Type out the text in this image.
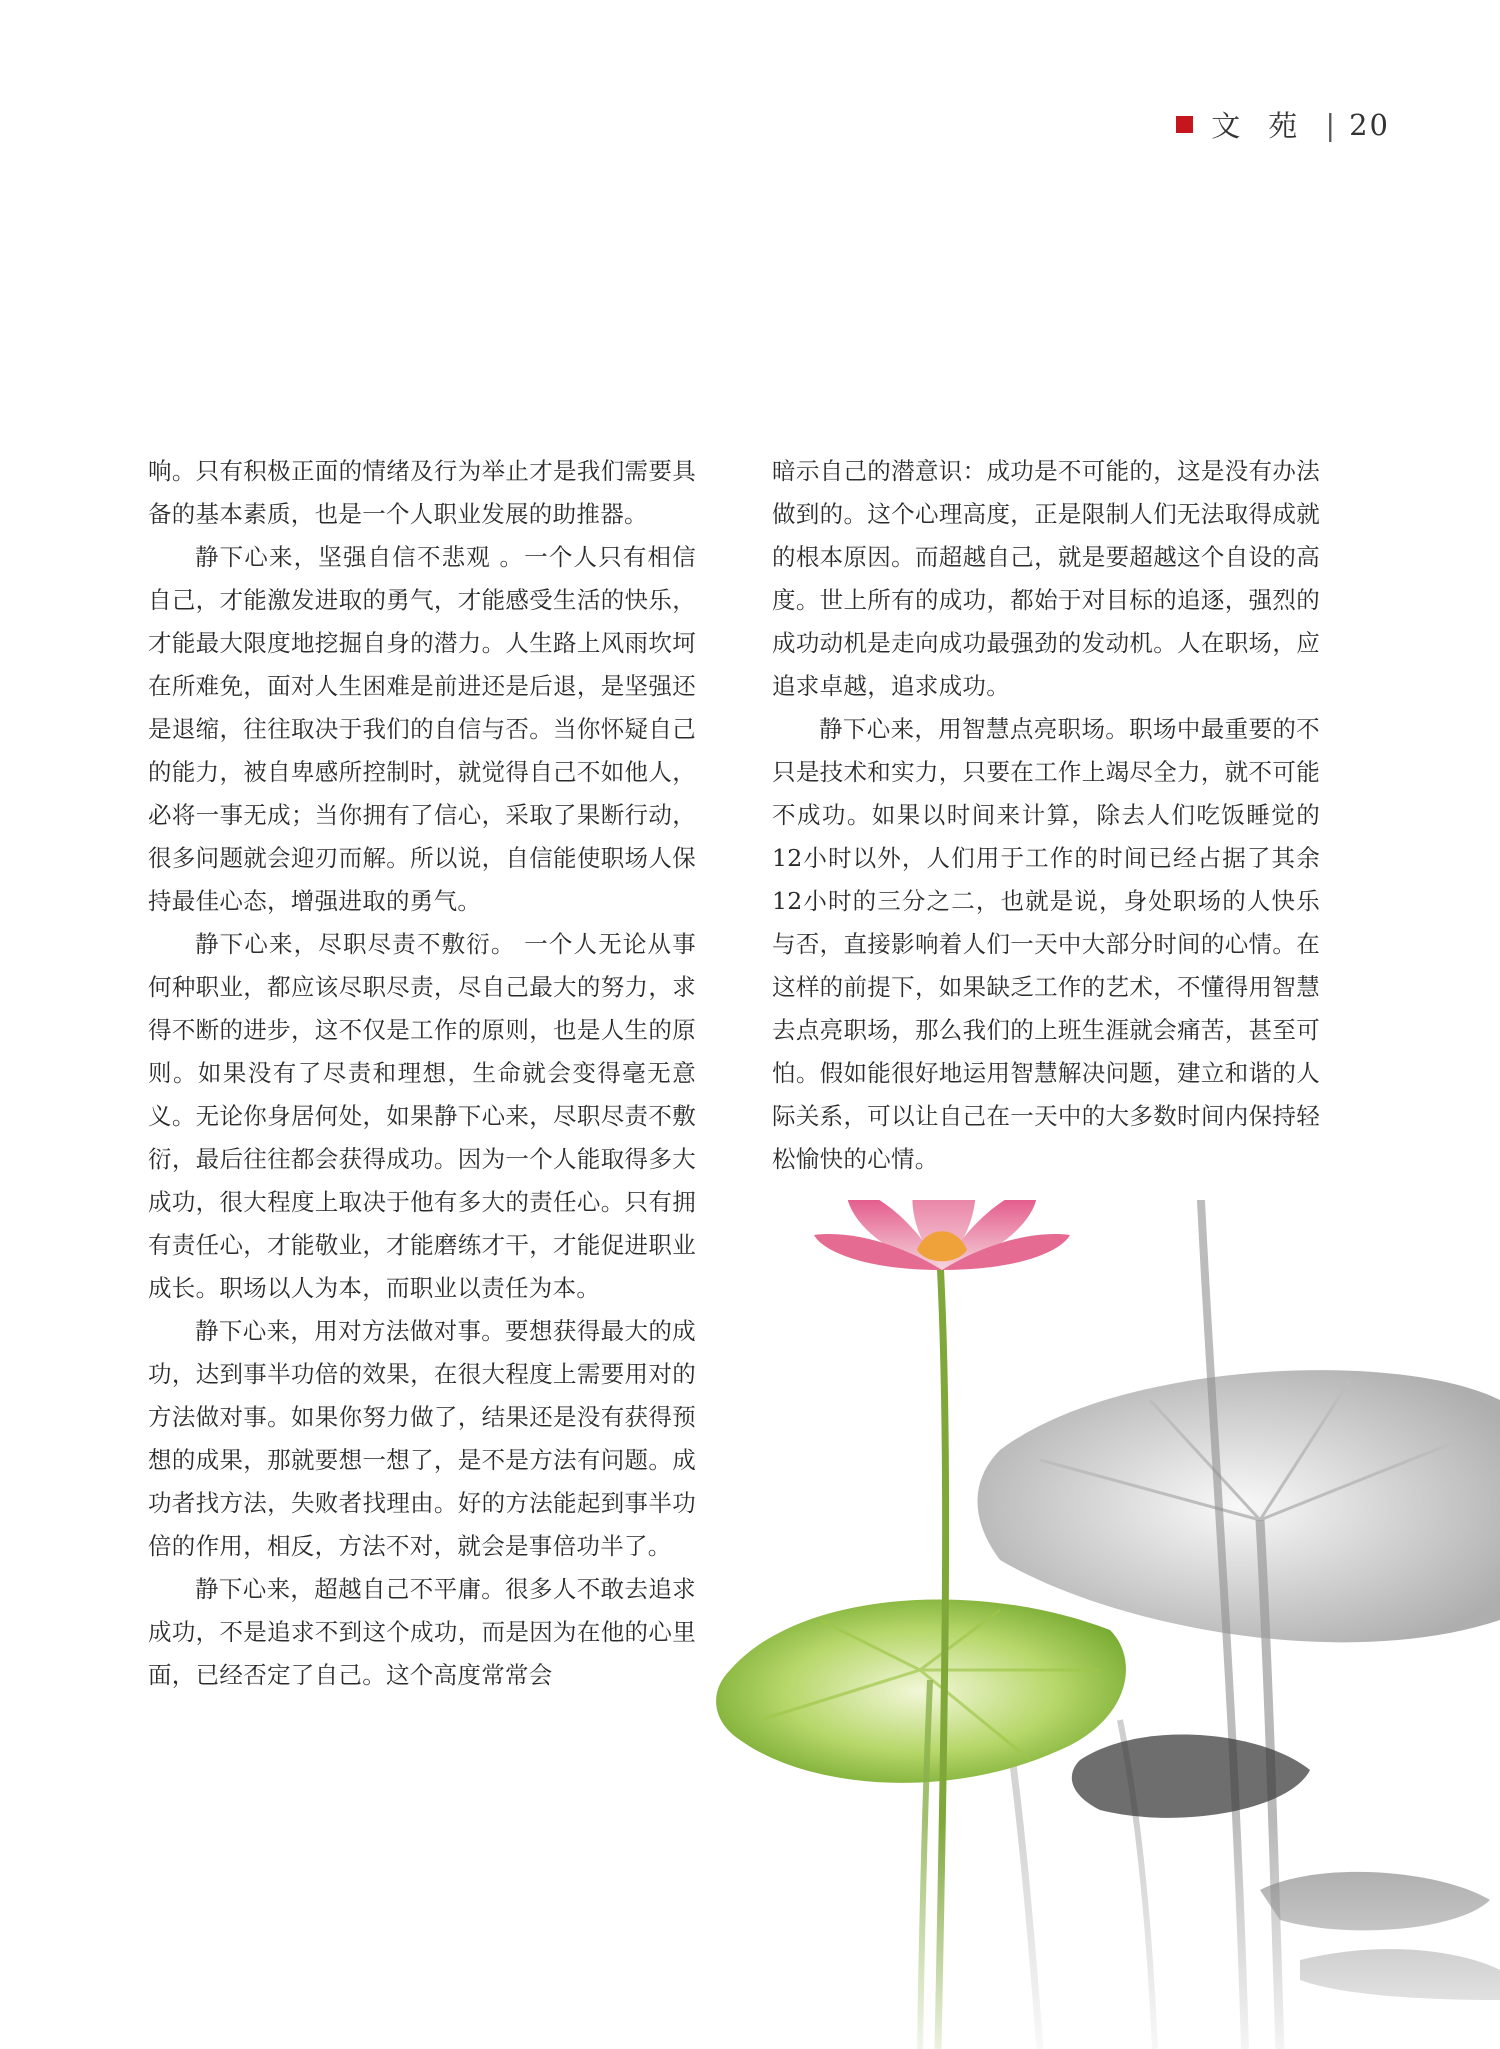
文苑 | 20

响。只有积极正面的情绪及行为举止才是我们需要具备的基本素质，也是一个人职业发展的助推器。

静下心来，坚强自信不悲观 。一个人只有相信自己，才能激发进取的勇气，才能感受生活的快乐，才能最大限度地挖掘自身的潜力。人生路上风雨坎坷在所难免，面对人生困难是前进还是后退，是坚强还是退缩，往往取决于我们的自信与否。当你怀疑自己的能力，被自卑感所控制时，就觉得自己不如他人，必将一事无成；当你拥有了信心，采取了果断行动，很多问题就会迎刃而解。所以说，自信能使职场人保持最佳心态，增强进取的勇气。

静下心来，尽职尽责不敷衍。 一个人无论从事何种职业，都应该尽职尽责，尽自己最大的努力，求得不断的进步，这不仅是工作的原则，也是人生的原则。如果没有了尽责和理想，生命就会变得毫无意义。无论你身居何处，如果静下心来，尽职尽责不敷衍，最后往往都会获得成功。因为一个人能取得多大成功，很大程度上取决于他有多大的责任心。只有拥有责任心，才能敬业，才能磨练才干，才能促进职业成长。职场以人为本，而职业以责任为本。

静下心来，用对方法做对事。要想获得最大的成功，达到事半功倍的效果，在很大程度上需要用对的方法做对事。如果你努力做了，结果还是没有获得预想的成果，那就要想一想了，是不是方法有问题。成功者找方法，失败者找理由。好的方法能起到事半功倍的作用，相反，方法不对，就会是事倍功半了。

静下心来，超越自己不平庸。很多人不敢去追求成功，不是追求不到这个成功，而是因为在他的心里面，已经否定了自己。这个高度常常会

暗示自己的潜意识：成功是不可能的，这是没有办法做到的。这个心理高度，正是限制人们无法取得成就的根本原因。而超越自己，就是要超越这个自设的高度。世上所有的成功，都始于对目标的追逐，强烈的成功动机是走向成功最强劲的发动机。人在职场，应追求卓越，追求成功。

静下心来，用智慧点亮职场。职场中最重要的不只是技术和实力，只要在工作上竭尽全力，就不可能不成功。如果以时间来计算，除去人们吃饭睡觉的12小时以外，人们用于工作的时间已经占据了其余12小时的三分之二，也就是说，身处职场的人快乐与否，直接影响着人们一天中大部分时间的心情。在这样的前提下，如果缺乏工作的艺术，不懂得用智慧去点亮职场，那么我们的上班生涯就会痛苦，甚至可怕。假如能很好地运用智慧解决问题，建立和谐的人际关系，可以让自己在一天中的大多数时间内保持轻松愉快的心情。
